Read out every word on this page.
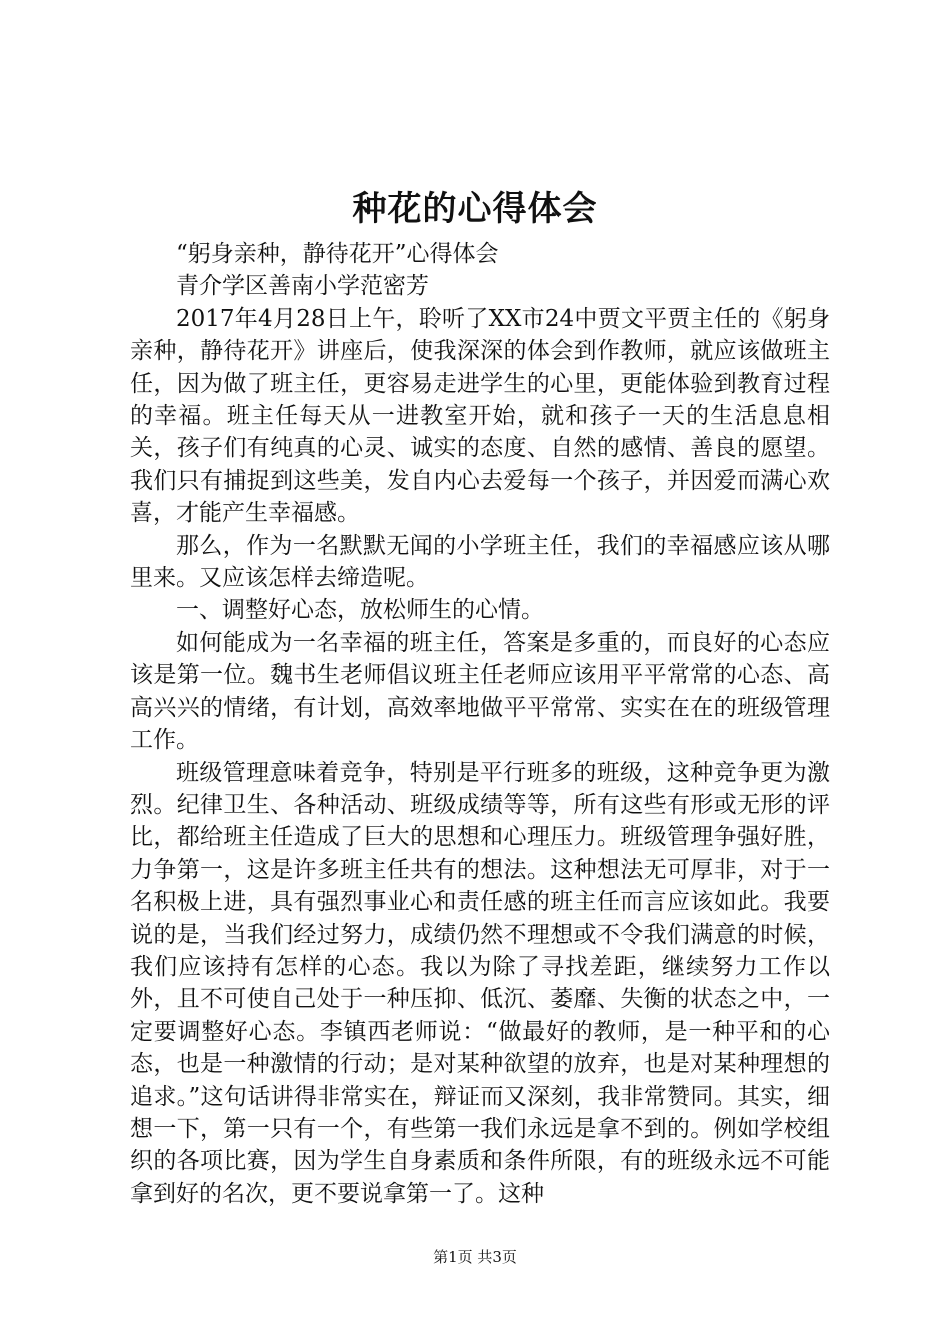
种花的心得体会

“躬身亲种，静待花开”心得体会

青介学区善南小学范密芳

2017年4月28日上午，聆听了XX市24中贾文平贾主任的《躬身亲种，静待花开》讲座后，使我深深的体会到作教师，就应该做班主任，因为做了班主任，更容易走进学生的心里，更能体验到教育过程的幸福。班主任每天从一进教室开始，就和孩子一天的生活息息相关，孩子们有纯真的心灵、诚实的态度、自然的感情、善良的愿望。我们只有捕捉到这些美，发自内心去爱每一个孩子，并因爱而满心欢喜，才能产生幸福感。

那么，作为一名默默无闻的小学班主任，我们的幸福感应该从哪里来。又应该怎样去缔造呢。

一、调整好心态，放松师生的心情。

如何能成为一名幸福的班主任，答案是多重的，而良好的心态应该是第一位。魏书生老师倡议班主任老师应该用平平常常的心态、高高兴兴的情绪，有计划，高效率地做平平常常、实实在在的班级管理工作。

班级管理意味着竞争，特别是平行班多的班级，这种竞争更为激烈。纪律卫生、各种活动、班级成绩等等，所有这些有形或无形的评比，都给班主任造成了巨大的思想和心理压力。班级管理争强好胜，力争第一，这是许多班主任共有的想法。这种想法无可厚非，对于一名积极上进，具有强烈事业心和责任感的班主任而言应该如此。我要说的是，当我们经过努力，成绩仍然不理想或不令我们满意的时候，我们应该持有怎样的心态。我以为除了寻找差距，继续努力工作以外，且不可使自己处于一种压抑、低沉、萎靡、失衡的状态之中，一定要调整好心态。李镇西老师说：“做最好的教师，是一种平和的心态，也是一种激情的行动；是对某种欲望的放弃，也是对某种理想的追求。”这句话讲得非常实在，辩证而又深刻，我非常赞同。其实，细想一下，第一只有一个，有些第一我们永远是拿不到的。例如学校组织的各项比赛，因为学生自身素质和条件所限，有的班级永远不可能拿到好的名次，更不要说拿第一了。这种

第1页 共3页
